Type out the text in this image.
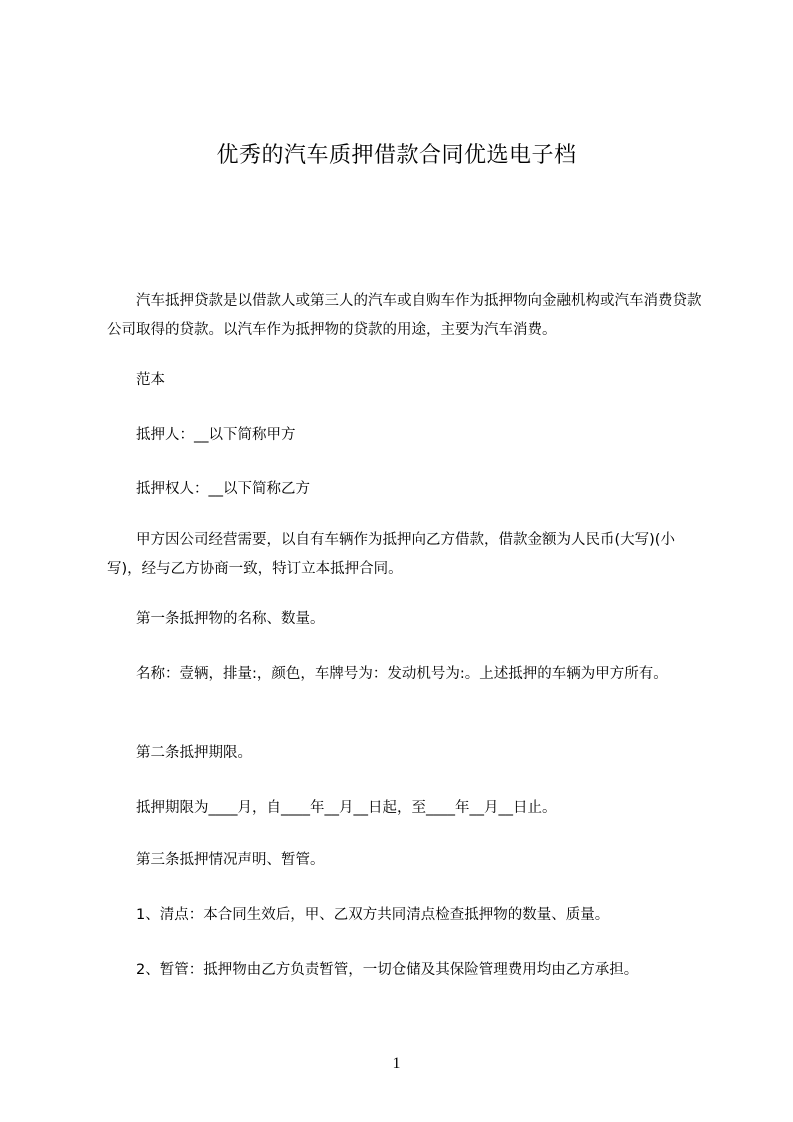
优秀的汽车质押借款合同优选电子档

汽车抵押贷款是以借款人或第三人的汽车或自购车作为抵押物向金融机构或汽车消费贷款公司取得的贷款。以汽车作为抵押物的贷款的用途，主要为汽车消费。

范本

抵押人：__以下简称甲方

抵押权人：__以下简称乙方

甲方因公司经营需要，以自有车辆作为抵押向乙方借款，借款金额为人民币(大写)(小写)，经与乙方协商一致，特订立本抵押合同。

第一条抵押物的名称、数量。

名称：壹辆，排量:，颜色，车牌号为：发动机号为:。上述抵押的车辆为甲方所有。

第二条抵押期限。

抵押期限为____月，自____年__月__日起，至____年__月__日止。

第三条抵押情况声明、暂管。

1、清点：本合同生效后，甲、乙双方共同清点检查抵押物的数量、质量。

2、暂管：抵押物由乙方负责暂管，一切仓储及其保险管理费用均由乙方承担。

1
